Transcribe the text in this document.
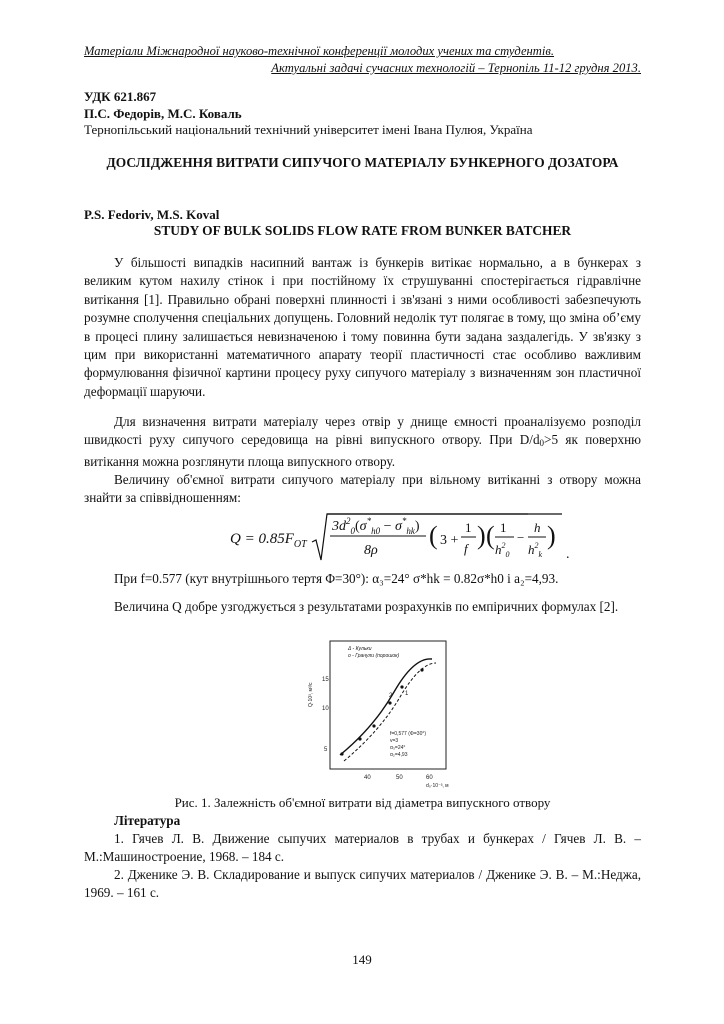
Матеріали Міжнародної науково-технічної конференції молодих учених та студентів.
Актуальні задачі сучасних технологій – Тернопіль 11-12 грудня 2013.
УДК 621.867
П.С. Федорів, М.С. Коваль
Тернопільський національний технічний університет імені Івана Пулюя, Україна
ДОСЛІДЖЕННЯ ВИТРАТИ СИПУЧОГО МАТЕРІАЛУ БУНКЕРНОГО ДОЗАТОРА
P.S. Fedoriv, M.S. Koval
STUDY OF BULK SOLIDS FLOW RATE FROM BUNKER BATCHER

У більшості випадків насипний вантаж із бункерів витікає нормально, а в бункерах з великим кутом нахилу стінок і при постійному їх струшуванні спостерігається гідравлічне витікання [1]. Правильно обрані поверхні плинності і зв'язані з ними особливості забезпечують розумне сполучення спеціальних допущень. Головний недолік тут полягає в тому, що зміна об’єму в процесі плину залишається невизначеною і тому повинна бути задана заздалегідь. У зв'язку з цим при використанні математичного апарату теорії пластичності стає особливо важливим формулювання фізичної картини процесу руху сипучого матеріалу з визначенням зон пластичної деформації шаруючи.

Для визначення витрати матеріалу через отвір у днище ємності проаналізуємо розподіл швидкості руху сипучого середовища на рівні випускного отвору. При $D/d_0>5$ як поверхню витікання можна розглянути площа випускного отвору.

Величину об'ємної витрати сипучого матеріалу при вільному витіканні з отвору можна знайти за співвідношенням:

$Q = 0.85F_{OT}$
$3d^2_0(\sigma^*_{h0} - \sigma^*_{hk})$
8ρ
( 3 +
1
f ) ( 1
$h^2_0$
−
h
$h^2_k$
)
.

При f=0.577 (кут внутрішнього тертя Φ=30°): α₃=24° σ*hk = 0.82σ*h0 і a₂=4,93.

Величина Q добре узгоджується з результатами розрахунків по емпіричних формулах [2].

Δ - Кульки
o - Гранули (порошок)
Q·10³, м³/с
15
10
5
40	50	60
d₀·10⁻³, м
2 1
f=0,577 (Φ=30°)
v=3
α₃=24°
α₂=4,93
Рис. 1. Залежність об'ємної витрати від діаметра випускного отвору
Література

1. Гячев Л. В. Движение сыпучих материалов в трубах и бункерах / Гячев Л. В. – М.:Машиностроение, 1968. – 184 с.

2. Дженике Э. В. Складирование и выпуск сипучих материалов / Дженике Э. В. – М.:Неджа, 1969. – 161 с.

149
